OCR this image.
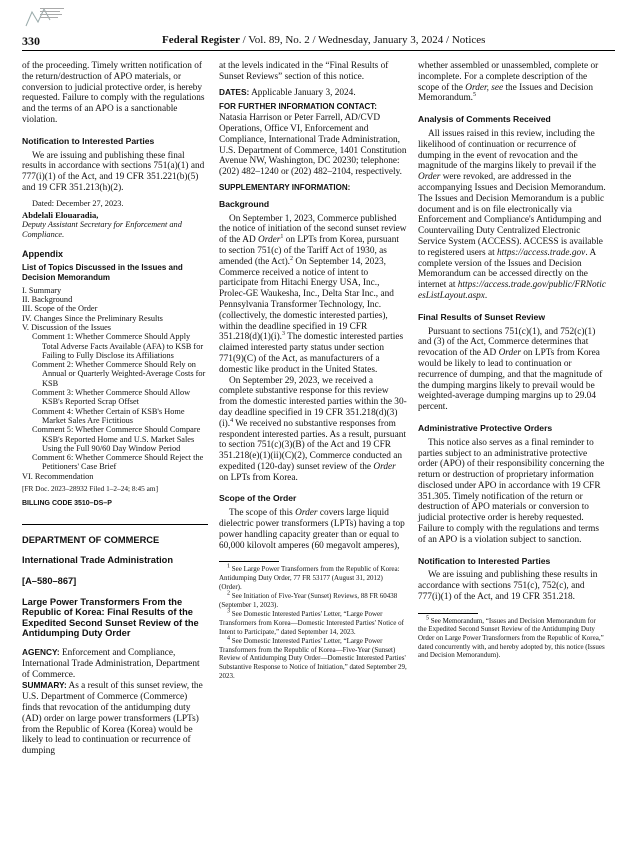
330	Federal Register / Vol. 89, No. 2 / Wednesday, January 3, 2024 / Notices

of the proceeding. Timely written notification of the return/destruction of APO materials, or conversion to judicial protective order, is hereby requested. Failure to comply with the regulations and the terms of an APO is a sanctionable violation.

Notification to Interested Parties

We are issuing and publishing these final results in accordance with sections 751(a)(1) and 777(i)(1) of the Act, and 19 CFR 351.221(b)(5) and 19 CFR 351.213(h)(2).

Dated: December 27, 2023.

Abdelali Elouaradia,

Deputy Assistant Secretary for Enforcement and Compliance.

Appendix
List of Topics Discussed in the Issues and Decision Memorandum
I. Summary
II. Background
III. Scope of the Order
IV. Changes Since the Preliminary Results
V. Discussion of the Issues
Comment 1: Whether Commerce Should Apply Total Adverse Facts Available (AFA) to KSB for Failing to Fully Disclose its Affiliations
Comment 2: Whether Commerce Should Rely on Annual or Quarterly Weighted-Average Costs for KSB
Comment 3: Whether Commerce Should Allow KSB's Reported Scrap Offset
Comment 4: Whether Certain of KSB's Home Market Sales Are Fictitious
Comment 5: Whether Commerce Should Compare KSB's Reported Home and U.S. Market Sales Using the Full 90/60 Day Window Period
Comment 6: Whether Commerce Should Reject the Petitioners' Case Brief
VI. Recommendation
[FR Doc. 2023–28932 Filed 1–2–24; 8:45 am]
BILLING CODE 3510–DS–P
DEPARTMENT OF COMMERCE
International Trade Administration
[A–580–867]
Large Power Transformers From the Republic of Korea: Final Results of the Expedited Second Sunset Review of the Antidumping Duty Order

AGENCY: Enforcement and Compliance, International Trade Administration, Department of Commerce.

SUMMARY: As a result of this sunset review, the U.S. Department of Commerce (Commerce) finds that revocation of the antidumping duty (AD) order on large power transformers (LPTs) from the Republic of Korea (Korea) would be likely to lead to continuation or recurrence of dumping

at the levels indicated in the “Final Results of Sunset Reviews” section of this notice.

DATES: Applicable January 3, 2024.

FOR FURTHER INFORMATION CONTACT:

Natasia Harrison or Peter Farrell, AD/CVD Operations, Office VI, Enforcement and Compliance, International Trade Administration, U.S. Department of Commerce, 1401 Constitution Avenue NW, Washington, DC 20230; telephone: (202) 482–1240 or (202) 482–2104, respectively.

SUPPLEMENTARY INFORMATION:

Background

On September 1, 2023, Commerce published the notice of initiation of the second sunset review of the AD Order$^1$ on LPTs from Korea, pursuant to section 751(c) of the Tariff Act of 1930, as amended (the Act).$^2$ On September 14, 2023, Commerce received a notice of intent to participate from Hitachi Energy USA, Inc., Prolec-GE Waukesha, Inc., Delta Star Inc., and Pennsylvania Transformer Technology, Inc. (collectively, the domestic interested parties), within the deadline specified in 19 CFR 351.218(d)(1)(i).$^3$ The domestic interested parties claimed interested party status under section 771(9)(C) of the Act, as manufacturers of a domestic like product in the United States.

On September 29, 2023, we received a complete substantive response for this review from the domestic interested parties within the 30-day deadline specified in 19 CFR 351.218(d)(3)(i).$^4$ We received no substantive responses from respondent interested parties. As a result, pursuant to section 751(c)(3)(B) of the Act and 19 CFR 351.218(e)(1)(ii)(C)(2), Commerce conducted an expedited (120-day) sunset review of the Order on LPTs from Korea.

Scope of the Order

The scope of this Order covers large liquid dielectric power transformers (LPTs) having a top power handling capacity greater than or equal to 60,000 kilovolt amperes (60 megavolt amperes),

$^1$ See Large Power Transformers from the Republic of Korea: Antidumping Duty Order, 77 FR 53177 (August 31, 2012) (Order).

$^2$ See Initiation of Five-Year (Sunset) Reviews, 88 FR 60438 (September 1, 2023).

$^3$ See Domestic Interested Parties' Letter, “Large Power Transformers from Korea—Domestic Interested Parties' Notice of Intent to Participate,” dated September 14, 2023.

$^4$ See Domestic Interested Parties' Letter, “Large Power Transformers from the Republic of Korea—Five-Year (Sunset) Review of Antidumping Duty Order—Domestic Interested Parties' Substantive Response to Notice of Initiation,” dated September 29, 2023.

whether assembled or unassembled, complete or incomplete. For a complete description of the scope of the Order, see the Issues and Decision Memorandum.$^5$

Analysis of Comments Received

All issues raised in this review, including the likelihood of continuation or recurrence of dumping in the event of revocation and the magnitude of the margins likely to prevail if the Order were revoked, are addressed in the accompanying Issues and Decision Memorandum. The Issues and Decision Memorandum is a public document and is on file electronically via Enforcement and Compliance's Antidumping and Countervailing Duty Centralized Electronic Service System (ACCESS). ACCESS is available to registered users at https://access.trade.gov. A complete version of the Issues and Decision Memorandum can be accessed directly on the internet at https://access.trade.gov/public/FRNoticesListLayout.aspx.

Final Results of Sunset Review

Pursuant to sections 751(c)(1), and 752(c)(1) and (3) of the Act, Commerce determines that revocation of the AD Order on LPTs from Korea would be likely to lead to continuation or recurrence of dumping, and that the magnitude of the dumping margins likely to prevail would be weighted-average dumping margins up to 29.04 percent.

Administrative Protective Orders

This notice also serves as a final reminder to parties subject to an administrative protective order (APO) of their responsibility concerning the return or destruction of proprietary information disclosed under APO in accordance with 19 CFR 351.305. Timely notification of the return or destruction of APO materials or conversion to judicial protective order is hereby requested. Failure to comply with the regulations and terms of an APO is a violation subject to sanction.

Notification to Interested Parties

We are issuing and publishing these results in accordance with sections 751(c), 752(c), and 777(i)(1) of the Act, and 19 CFR 351.218.

$^5$ See Memorandum, “Issues and Decision Memorandum for the Expedited Second Sunset Review of the Antidumping Duty Order on Large Power Transformers from the Republic of Korea,” dated concurrently with, and hereby adopted by, this notice (Issues and Decision Memorandum).
